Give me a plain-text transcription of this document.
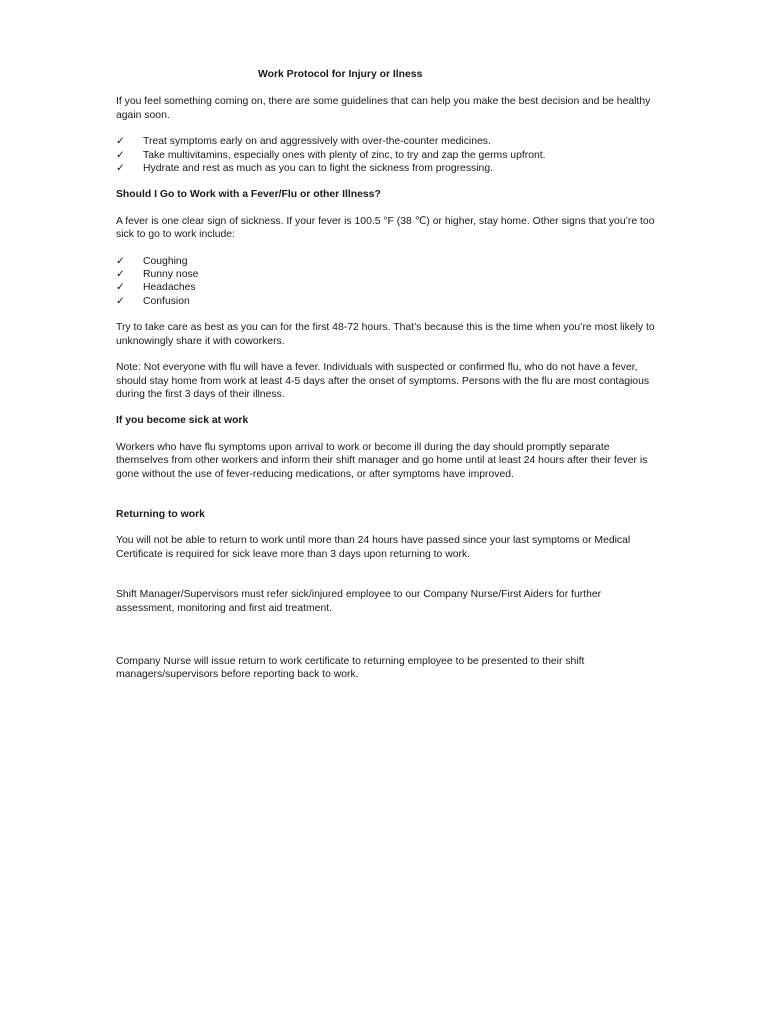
Work Protocol for Injury or Ilness

If you feel something coming on, there are some guidelines that can help you make the best decision and be healthy again soon.

✓	Treat symptoms early on and aggressively with over-the-counter medicines.
✓	Take multivitamins, especially ones with plenty of zinc, to try and zap the germs upfront.
✓	Hydrate and rest as much as you can to fight the sickness from progressing.
Should I Go to Work with a Fever/Flu or other Illness?

A fever is one clear sign of sickness. If your fever is 100.5 °F (38 ℃) or higher, stay home. Other signs that you’re too sick to go to work include:

✓	Coughing
✓	Runny nose
✓	Headaches
✓	Confusion

Try to take care as best as you can for the first 48-72 hours. That’s because this is the time when you’re most likely to unknowingly share it with coworkers.

Note: Not everyone with flu will have a fever. Individuals with suspected or confirmed flu, who do not have a fever, should stay home from work at least 4-5 days after the onset of symptoms. Persons with the flu are most contagious during the first 3 days of their illness.

If you become sick at work

Workers who have flu symptoms upon arrival to work or become ill during the day should promptly separate themselves from other workers and inform their shift manager and go home until at least 24 hours after their fever is gone without the use of fever-reducing medications, or after symptoms have improved.

Returning to work

You will not be able to return to work until more than 24 hours have passed since your last symptoms or Medical Certificate is required for sick leave more than 3 days upon returning to work.

Shift Manager/Supervisors must refer sick/injured employee to our Company Nurse/First Aiders for further assessment, monitoring and first aid treatment.

Company Nurse will issue return to work certificate to returning employee to be presented to their shift managers/supervisors before reporting back to work.
